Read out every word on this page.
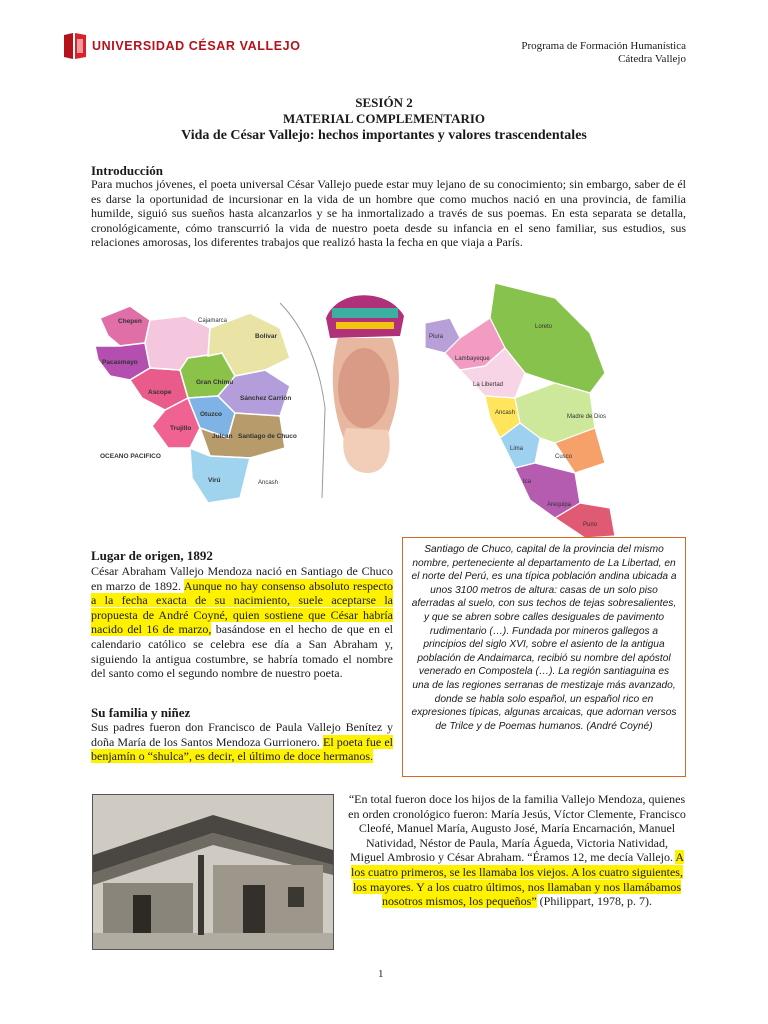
UNIVERSIDAD CÉSAR VALLEJO	Programa de Formación Humanística
Cátedra Vallejo
SESIÓN 2
MATERIAL COMPLEMENTARIO
Vida de César Vallejo: hechos importantes y valores trascendentales
Introducción
Para muchos jóvenes, el poeta universal César Vallejo puede estar muy lejano de su conocimiento; sin embargo, saber de él es darse la oportunidad de incursionar en la vida de un hombre que como muchos nació en una provincia, de familia humilde, siguió sus sueños hasta alcanzarlos y se ha inmortalizado a través de sus poemas. En esta separata se detalla, cronológicamente, cómo transcurrió la vida de nuestro poeta desde su infancia en el seno familiar, sus estudios, sus relaciones amorosas, los diferentes trabajos que realizó hasta la fecha en que viaja a París.
Chepen	Cajamarca
Bolívar
Pacasmayo
Gran Chimú
Ascope
Otuzco
Sánchez Carrión
Trujillo
Julcan Santiago de Chuco
OCEANO PACIFICO
Virú	Ancash
Loreto
Piura
Lambayeque
La Libertad
Ancash
Lima
Ica
Cusco
Puno
Arequipa
Madre de Dios
Lugar de origen, 1892
César Abraham Vallejo Mendoza nació en Santiago de Chuco en marzo de 1892. Aunque no hay consenso absoluto respecto a la fecha exacta de su nacimiento, suele aceptarse la propuesta de André Coyné, quien sostiene que César habría nacido del 16 de marzo, basándose en el hecho de que en el calendario católico se celebra ese día a San Abraham y, siguiendo la antigua costumbre, se habría tomado el nombre del santo como el segundo nombre de nuestro poeta.
Su familia y niñez
Sus padres fueron don Francisco de Paula Vallejo Benítez y doña María de los Santos Mendoza Gurrionero. El poeta fue el benjamín o “shulca”, es decir, el último de doce hermanos.
Santiago de Chuco, capital de la provincia del mismo nombre, perteneciente al departamento de La Libertad, en el norte del Perú, es una típica población andina ubicada a unos 3100 metros de altura: casas de un solo piso aferradas al suelo, con sus techos de tejas sobresalientes, y que se abren sobre calles desiguales de pavimento rudimentario (…). Fundada por mineros gallegos a principios del siglo XVI, sobre el asiento de la antigua población de Andaimarca, recibió su nombre del apóstol venerado en Compostela (…). La región santiaguina es una de las regiones serranas de mestizaje más avanzado, donde se habla solo español, un español rico en expresiones típicas, algunas arcaicas, que adornan versos de Trilce y de Poemas humanos. (André Coyné)
“En total fueron doce los hijos de la familia Vallejo Mendoza, quienes en orden cronológico fueron: María Jesús, Víctor Clemente, Francisco Cleofé, Manuel María, Augusto José, María Encarnación, Manuel Natividad, Néstor de Paula, María Águeda, Victoria Natividad, Miguel Ambrosio y César Abraham. “Éramos 12, me decía Vallejo. A los cuatro primeros, se les llamaba los viejos. A los cuatro siguientes, los mayores. Y a los cuatro últimos, nos llamaban y nos llamábamos nosotros mismos, los pequeños” (Philippart, 1978, p. 7).
1
